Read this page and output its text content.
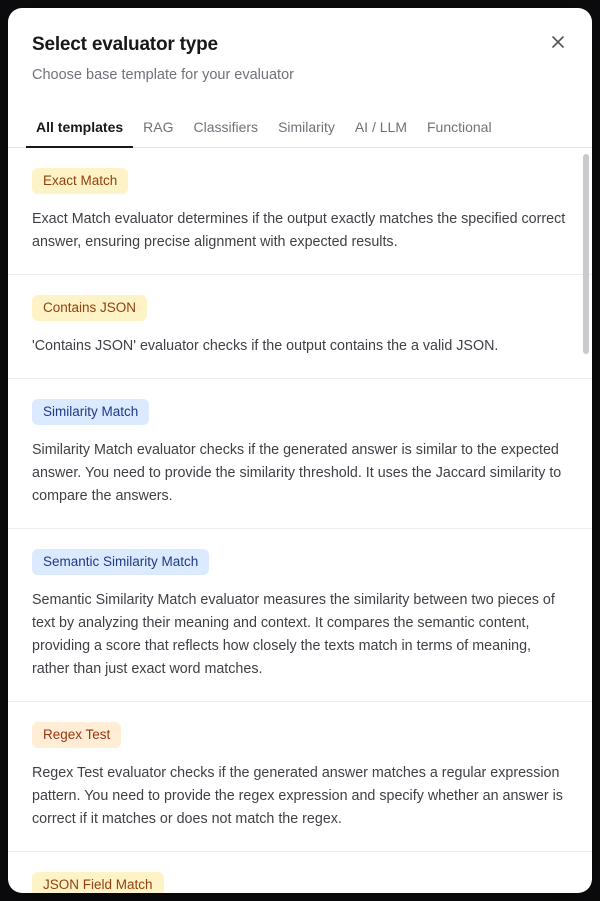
Select evaluator type
Choose base template for your evaluator
All templates	RAG	Classifiers	Similarity	AI / LLM	Functional
Exact Match
Exact Match evaluator determines if the output exactly matches the specified correct answer, ensuring precise alignment with expected results.
Contains JSON
'Contains JSON' evaluator checks if the output contains the a valid JSON.
Similarity Match
Similarity Match evaluator checks if the generated answer is similar to the expected answer. You need to provide the similarity threshold. It uses the Jaccard similarity to compare the answers.
Semantic Similarity Match
Semantic Similarity Match evaluator measures the similarity between two pieces of text by analyzing their meaning and context. It compares the semantic content, providing a score that reflects how closely the texts match in terms of meaning, rather than just exact word matches.
Regex Test
Regex Test evaluator checks if the generated answer matches a regular expression pattern. You need to provide the regex expression and specify whether an answer is correct if it matches or does not match the regex.
JSON Field Match
